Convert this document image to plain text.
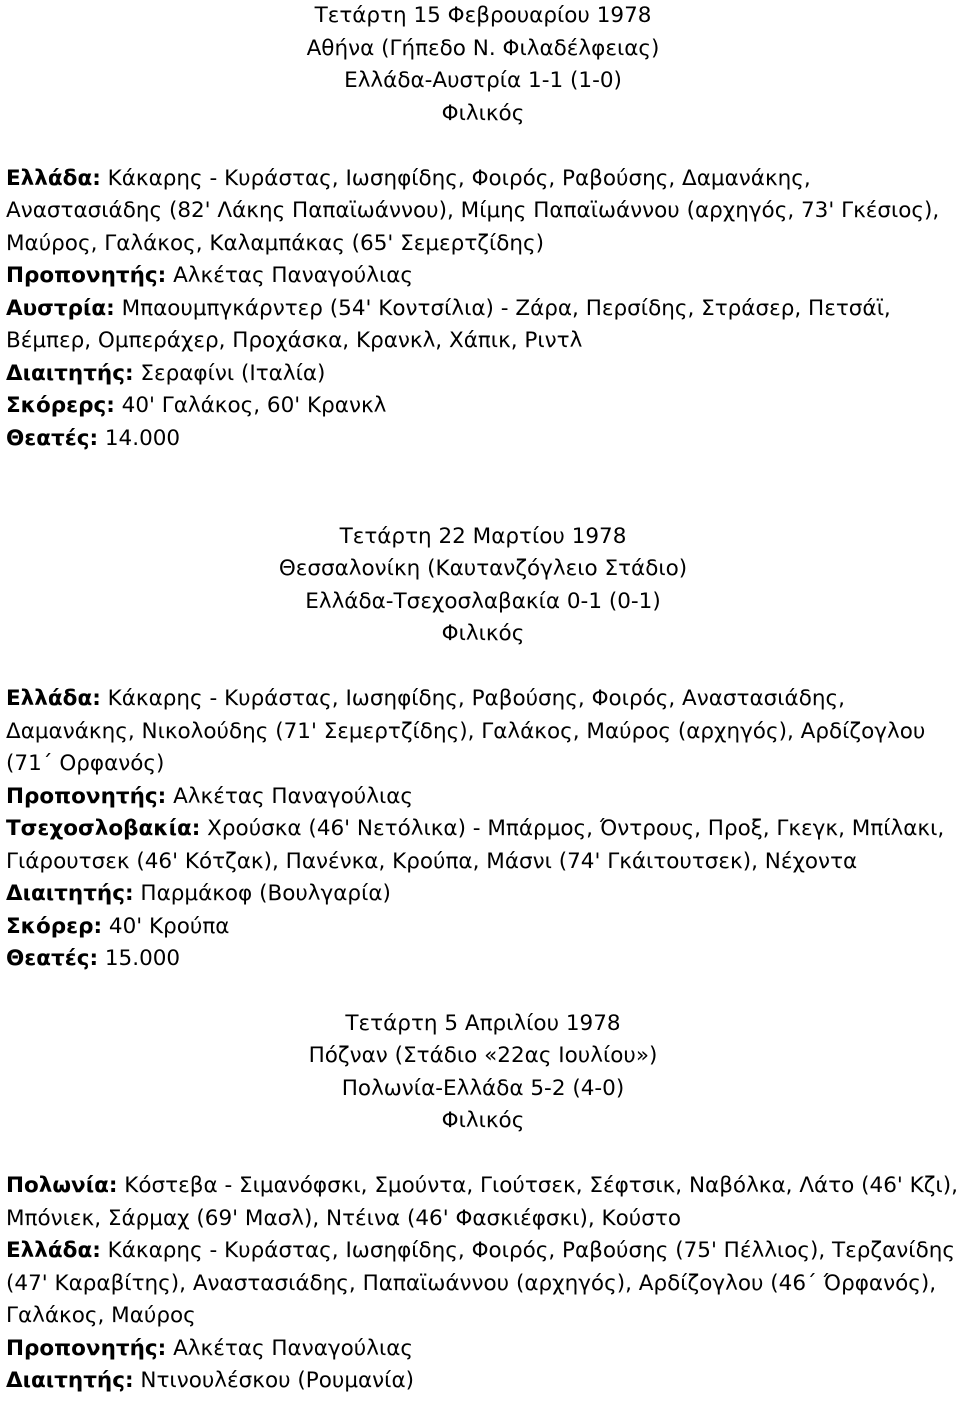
Τετάρτη 15 Φεβρουαρίου 1978
Αθήνα (Γήπεδο Ν. Φιλαδέλφειας)
Ελλάδα-Αυστρία 1-1 (1-0)
Φιλικός

Ελλάδα: Κάκαρης - Κυράστας, Ιωσηφίδης, Φοιρός, Ραβούσης, Δαμανάκης, Αναστασιάδης (82' Λάκης Παπαϊωάννου), Μίμης Παπαϊωάννου (αρχηγός, 73' Γκέσιος), Μαύρος, Γαλάκος, Καλαμπάκας (65' Σεμερτζίδης)

Προπονητής: Αλκέτας Παναγούλιας

Αυστρία: Μπαουμπγκάρντερ (54' Κοντσίλια) - Ζάρα, Περσίδης, Στράσερ, Πετσάϊ, Βέμπερ, Ομπεράχερ, Προχάσκα, Κρανκλ, Χάπικ, Ριντλ

Διαιτητής: Σεραφίνι (Ιταλία)

Σκόρερς: 40' Γαλάκος, 60' Κρανκλ

Θεατές: 14.000

Τετάρτη 22 Μαρτίου 1978
Θεσσαλονίκη (Καυτανζόγλειο Στάδιο)
Ελλάδα-Τσεχοσλαβακία 0-1 (0-1)
Φιλικός

Ελλάδα: Κάκαρης - Κυράστας, Ιωσηφίδης, Ραβούσης, Φοιρός, Αναστασιάδης, Δαμανάκης, Νικολούδης (71' Σεμερτζίδης), Γαλάκος, Μαύρος (αρχηγός), Αρδίζογλου (71΄ Ορφανός)

Προπονητής: Αλκέτας Παναγούλιας

Τσεχοσλοβακία: Χρούσκα (46' Νετόλικα) - Μπάρμος, Όντρους, Προξ, Γκεγκ, Μπίλακι, Γιάρουτσεκ (46' Κότζακ), Πανένκα, Κρούπα, Μάσνι (74' Γκάιτουτσεκ), Νέχοντα

Διαιτητής: Παρμάκοφ (Βουλγαρία)

Σκόρερ: 40' Κρούπα

Θεατές: 15.000

Τετάρτη 5 Απριλίου 1978
Πόζναν (Στάδιο «22ας Ιουλίου»)
Πολωνία-Ελλάδα 5-2 (4-0)
Φιλικός

Πολωνία: Κόστεβα - Σιμανόφσκι, Σμούντα, Γιούτσεκ, Σέφτσικ, Ναβόλκα, Λάτο (46' Κζι), Μπόνιεκ, Σάρμαχ (69' Μασλ), Ντέινα (46' Φασκιέφσκι), Κούστο

Ελλάδα: Κάκαρης - Κυράστας, Ιωσηφίδης, Φοιρός, Ραβούσης (75' Πέλλιος), Τερζανίδης (47' Καραβίτης), Αναστασιάδης, Παπαϊωάννου (αρχηγός), Αρδίζογλου (46΄ Όρφανός), Γαλάκος, Μαύρος

Προπονητής: Αλκέτας Παναγούλιας

Διαιτητής: Ντινουλέσκου (Ρουμανία)
